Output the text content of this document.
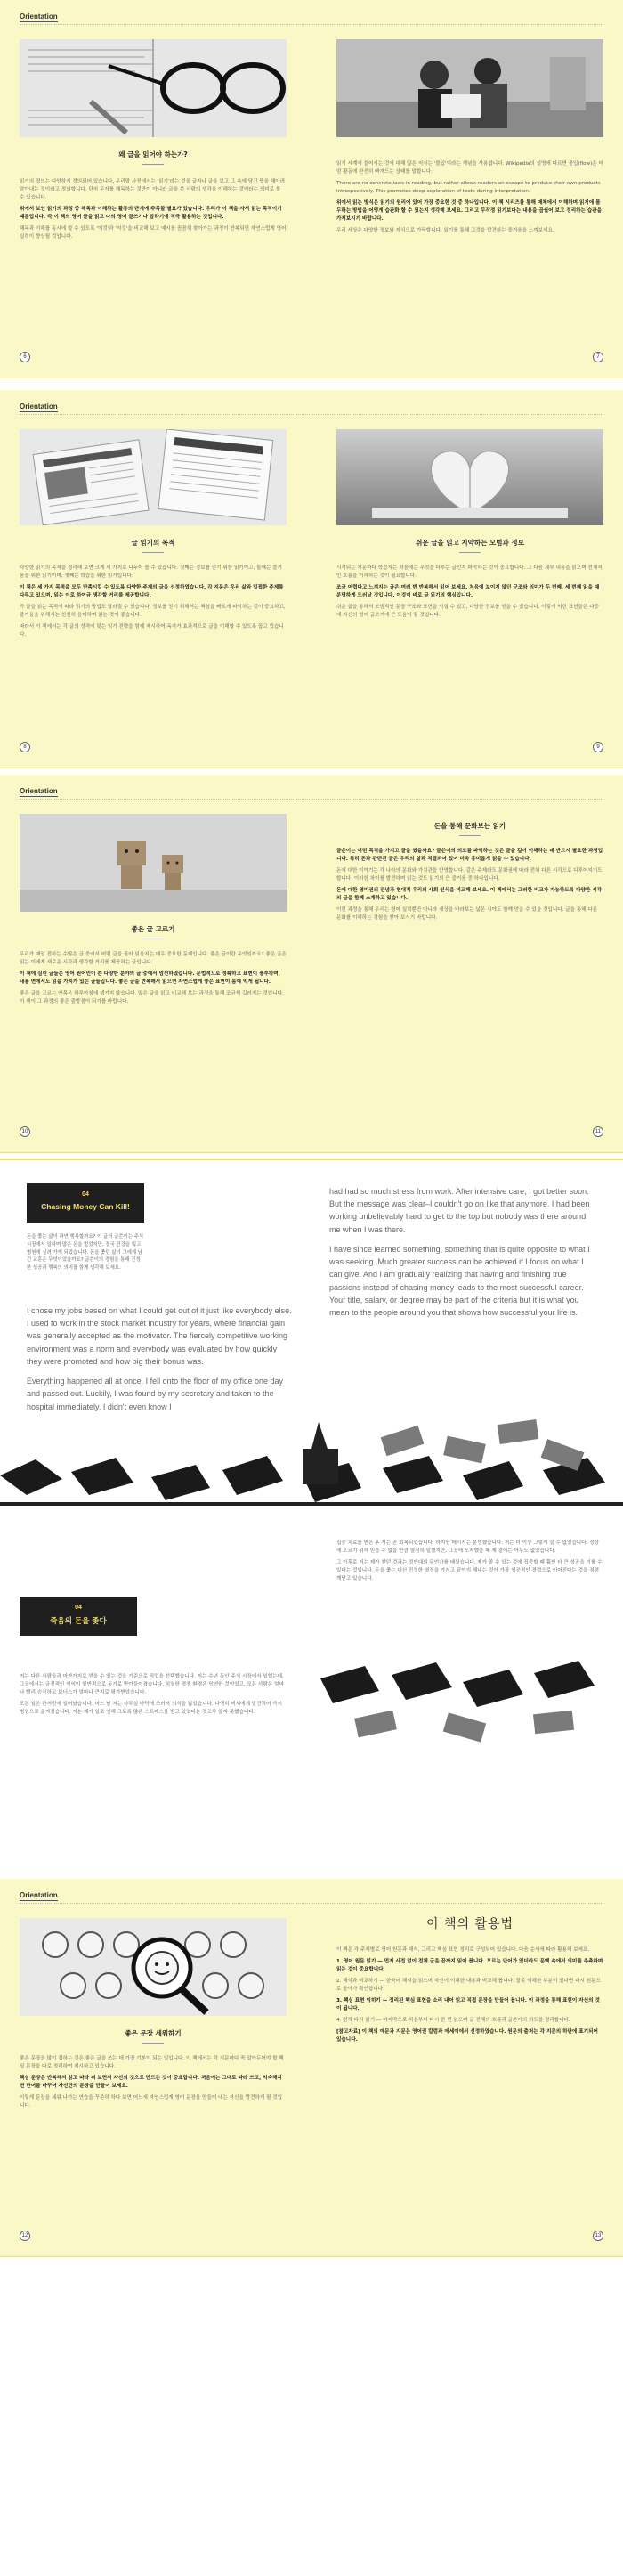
Orientation
왜 글을 읽어야 하는가?

읽기의 정의는 다양하게 정의되어 있습니다. 우리말 사전에서는 '읽기'라는 것을 글자나 글을 보고 그 속에 담긴 뜻을 헤아려 알아내는 것이라고 정의합니다. 단지 문자를 해독하는 것만이 아니라 글을 쓴 사람의 생각을 이해하는 것이라는 의미로 볼 수 있습니다.

위에서 보인 읽기의 과정 중 해독과 이해하는 활동의 단계에 주목할 필요가 있습니다. 우리가 이 책을 사서 읽는 목적이기 때문입니다. 즉 이 책의 영어 글을 읽고 나의 영어 글쓰기나 말하기에 적극 활용하는 것입니다.

해독과 이해를 동시에 할 수 있도록 '이것'과 '저것'을 비교해 보고 예시를 꼼꼼히 찾아가는 과정이 반복되면 자연스럽게 영어 실력이 향상될 것입니다.

읽기 세계에 들어서는 것에 대해 많은 저자는 '몰입'이라는 개념을 사용합니다. Wikipedia의 설명에 따르면 몰입(flow)은 어떤 활동에 완전히 빠져드는 상태를 말합니다.

There are no concrete laws in reading, but rather allows readers an escape to produce their own products introspectively. This promotes deep exploration of texts during interpretation.

위에서 읽는 방식은 읽기의 원리에 있어 가장 중요한 것 중 하나입니다. 이 책 시리즈를 통해 매체에서 이해하며 읽기에 몰두하는 방법을 어떻게 습관화 할 수 있는지 생각해 보세요. 그리고 무작정 읽기보다는 내용을 곱씹어 보고 정리하는 습관을 가져보시기 바랍니다.

우리 세상은 다양한 정보와 지식으로 가득합니다. 읽기를 통해 그것을 발견하는 즐거움을 느껴보세요.

6	7
Orientation
글 읽기의 목적	쉬운 글을 읽고 지약하는 모범과 정보

다양한 읽기의 목적을 정리해 보면 크게 세 가지로 나누어 볼 수 있습니다. 첫째는 정보를 얻기 위한 읽기이고, 둘째는 즐거움을 위한 읽기이며, 셋째는 학습을 위한 읽기입니다.

이 책은 세 가지 목적을 모두 만족시킬 수 있도록 다양한 주제의 글을 선정하였습니다. 각 지문은 우리 삶과 밀접한 주제를 다루고 있으며, 읽는 이로 하여금 생각할 거리를 제공합니다.

즉 글을 읽는 목적에 따라 읽기의 방법도 달라질 수 있습니다. 정보를 얻기 위해서는 핵심을 빠르게 파악하는 것이 중요하고, 즐거움을 위해서는 천천히 음미하며 읽는 것이 좋습니다.

따라서 이 책에서는 각 글의 성격에 맞는 읽기 전략을 함께 제시하여 독자가 효과적으로 글을 이해할 수 있도록 돕고 있습니다.

시작되는 지문마다 학습자는 처음에는 무엇을 다루는 글인지 파악하는 것이 중요합니다. 그 다음 세부 내용을 읽으며 전체적인 흐름을 이해하는 것이 필요합니다.

조금 어렵다고 느껴지는 글은 여러 번 반복해서 읽어 보세요. 처음에 보이지 않던 구조와 의미가 두 번째, 세 번째 읽을 때 분명하게 드러날 것입니다. 이것이 바로 글 읽기의 핵심입니다.

쉬운 글을 통해서 모범적인 문장 구조와 표현을 익힐 수 있고, 다양한 정보를 얻을 수 있습니다. 이렇게 익힌 표현들은 나중에 자신의 영어 글쓰기에 큰 도움이 될 것입니다.

8	9
Orientation
좋은 글 고르기
돈을 통해 문화보는 읽기

우리가 매일 접하는 수많은 글 중에서 어떤 글을 골라 읽을지는 매우 중요한 문제입니다. 좋은 글이란 무엇일까요? 좋은 글은 읽는 이에게 새로운 시각과 생각할 거리를 제공하는 글입니다.

이 책에 실린 글들은 영어 원어민이 쓴 다양한 분야의 글 중에서 엄선하였습니다. 문법적으로 정확하고 표현이 풍부하며, 내용 면에서도 읽을 가치가 있는 글들입니다. 좋은 글을 반복해서 읽으면 자연스럽게 좋은 표현이 몸에 익게 됩니다.

좋은 글을 고르는 안목은 하루아침에 생기지 않습니다. 많은 글을 읽고 비교해 보는 과정을 통해 조금씩 길러지는 것입니다. 이 책이 그 과정의 좋은 출발점이 되기를 바랍니다.

글쓴이는 어떤 목적을 가지고 글을 썼을까요? 글쓴이의 의도를 파악하는 것은 글을 깊이 이해하는 데 반드시 필요한 과정입니다. 특히 돈과 관련된 글은 우리의 삶과 직결되어 있어 더욱 흥미롭게 읽을 수 있습니다.

돈에 대한 이야기는 각 나라의 문화와 가치관을 반영합니다. 같은 주제라도 문화권에 따라 전혀 다른 시각으로 다루어지기도 합니다. 이러한 차이를 발견하며 읽는 것도 읽기의 큰 즐거움 중 하나입니다.

돈에 대한 영미권의 관념과 현대적 우리의 사회 인식을 비교해 보세요. 이 책에서는 그러한 비교가 가능하도록 다양한 시각의 글을 함께 소개하고 있습니다.

이런 과정을 통해 우리는 영어 실력뿐만 아니라 세상을 바라보는 넓은 시야도 함께 얻을 수 있을 것입니다. 글을 통해 다른 문화를 이해하는 경험을 쌓아 보시기 바랍니다.

10	11
04
Chasing Money Can Kill!
돈을 쫓는 삶이 과연 행복할까요? 이 글의 글쓴이는 주식 시장에서 일하며 많은 돈을 벌었지만, 결국 건강을 잃고 병원에 실려 가게 되었습니다. 돈을 좇던 삶이 그에게 남긴 교훈은 무엇이었을까요? 글쓴이의 경험을 통해 진정한 성공과 행복의 의미를 함께 생각해 보세요.

I chose my jobs based on what I could get out of it just like everybody else. I used to work in the stock market industry for years, where financial gain was generally accepted as the motivator. The fiercely competitive working environment was a norm and everybody was evaluated by how quickly they were promoted and how big their bonus was.

Everything happened all at once. I fell onto the floor of my office one day and passed out. Luckily, I was found by my secretary and taken to the hospital immediately. I didn't even know I

had had so much stress from work. After intensive care, I got better soon. But the message was clear–I couldn't go on like that anymore. I had been working unbelievably hard to get to the top but nobody was there around me when I was there.

I have since learned something, something that is quite opposite to what I was seeking. Much greater success can be achieved if I focus on what I can give. And I am gradually realizing that having and finishing true passions instead of chasing money leads to the most successful career. Your title, salary, or degree may be part of the criteria but it is what you mean to the people around you that shows how successful your life is.

04
죽음의 돈을 좇다

저는 다른 사람들과 마찬가지로 얻을 수 있는 것을 기준으로 직업을 선택했습니다. 저는 수년 동안 주식 시장에서 일했는데, 그곳에서는 금전적인 이익이 일반적으로 동기로 받아들여졌습니다. 치열한 경쟁 환경은 당연한 것이었고, 모든 사람은 얼마나 빨리 승진하고 보너스가 얼마나 큰지로 평가받았습니다.

모든 일은 한꺼번에 일어났습니다. 어느 날 저는 사무실 바닥에 쓰러져 의식을 잃었습니다. 다행히 비서에게 발견되어 즉시 병원으로 옮겨졌습니다. 저는 제가 일로 인해 그토록 많은 스트레스를 받고 있었다는 것조차 알지 못했습니다.

집중 치료를 받은 후 저는 곧 회복되었습니다. 하지만 메시지는 분명했습니다. 저는 더 이상 그렇게 살 수 없었습니다. 정상에 오르기 위해 믿을 수 없을 만큼 열심히 일했지만, 그곳에 도착했을 때 제 곁에는 아무도 없었습니다.

그 이후로 저는 제가 찾던 것과는 정반대의 무언가를 배웠습니다. 제가 줄 수 있는 것에 집중할 때 훨씬 더 큰 성공을 이룰 수 있다는 것입니다. 돈을 좇는 대신 진정한 열정을 가지고 끝까지 해내는 것이 가장 성공적인 경력으로 이어진다는 것을 점점 깨닫고 있습니다.

Orientation
좋은 문장 세워하기
이 책의 활용법

좋은 문장을 많이 접하는 것은 좋은 글을 쓰는 데 가장 기본이 되는 일입니다. 이 책에서는 각 지문마다 꼭 알아두어야 할 핵심 문장을 따로 정리하여 제시하고 있습니다.

핵심 문장은 반복해서 읽고 따라 써 보면서 자신의 것으로 만드는 것이 중요합니다. 처음에는 그대로 따라 쓰고, 익숙해지면 단어를 바꾸어 자신만의 문장을 만들어 보세요.

이렇게 문장을 세워 나가는 연습을 꾸준히 하다 보면 어느새 자연스럽게 영어 문장을 만들어 내는 자신을 발견하게 될 것입니다.

이 책은 각 주제별로 영어 원문과 해석, 그리고 핵심 표현 정리로 구성되어 있습니다. 다음 순서에 따라 활용해 보세요.

1. 영어 원문 읽기 — 먼저 사전 없이 전체 글을 끝까지 읽어 봅니다. 모르는 단어가 있더라도 문맥 속에서 의미를 추측하며 읽는 것이 중요합니다.

2. 해석과 비교하기 — 한국어 해석을 읽으며 자신이 이해한 내용과 비교해 봅니다. 잘못 이해한 부분이 있다면 다시 원문으로 돌아가 확인합니다.

3. 핵심 표현 익히기 — 정리된 핵심 표현을 소리 내어 읽고 직접 문장을 만들어 봅니다. 이 과정을 통해 표현이 자신의 것이 됩니다.

4. 전체 다시 읽기 — 마지막으로 처음부터 다시 한 번 읽으며 글 전체의 흐름과 글쓴이의 의도를 정리합니다.

[참고자료] 이 책의 예문과 지문은 영어권 칼럼과 에세이에서 선정하였습니다. 원문의 출처는 각 지문의 하단에 표기되어 있습니다.

12	13
